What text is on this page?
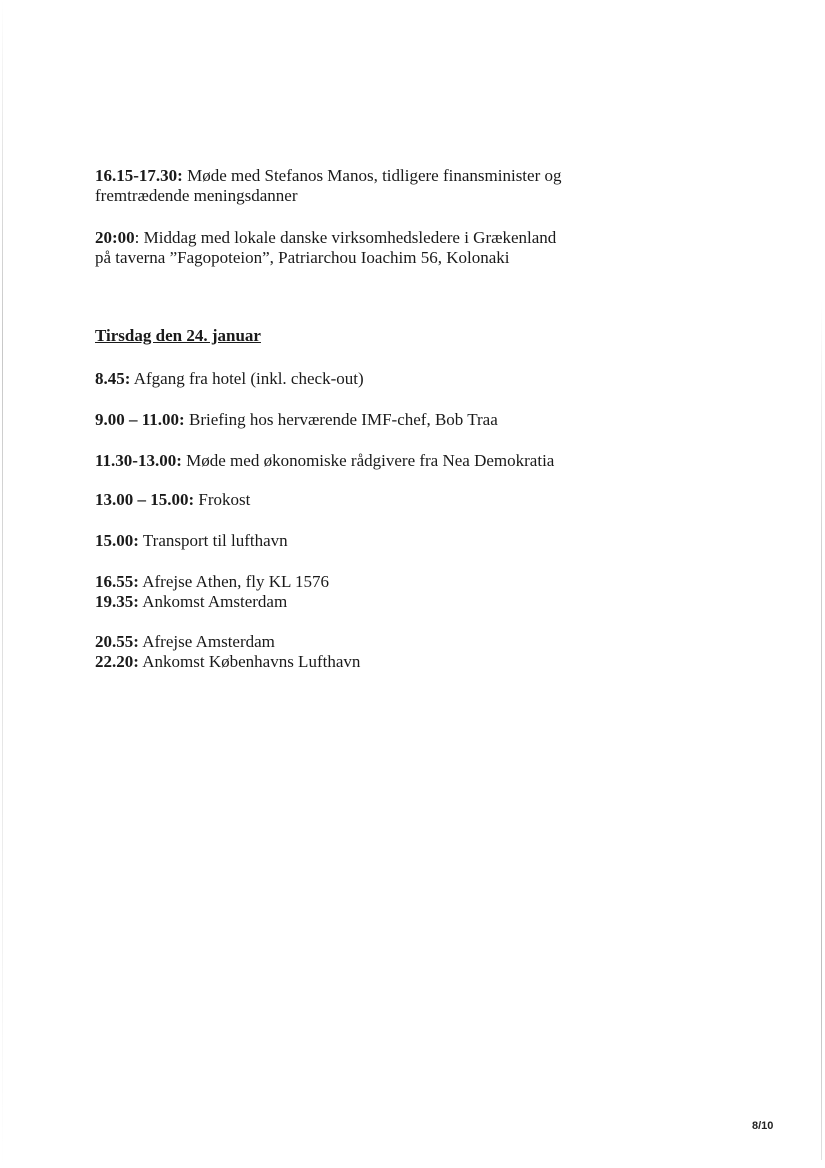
16.15-17.30: Møde med Stefanos Manos, tidligere finansminister og
fremtrædende meningsdanner

20:00: Middag med lokale danske virksomhedsledere i Grækenland
på taverna ”Fagopoteion”, Patriarchou Ioachim 56, Kolonaki

Tirsdag den 24. januar

8.45: Afgang fra hotel (inkl. check-out)

9.00 – 11.00: Briefing hos herværende IMF-chef, Bob Traa

11.30-13.00: Møde med økonomiske rådgivere fra Nea Demokratia

13.00 – 15.00: Frokost

15.00: Transport til lufthavn

16.55: Afrejse Athen, fly KL 1576
19.35: Ankomst Amsterdam

20.55: Afrejse Amsterdam
22.20: Ankomst Københavns Lufthavn

8/10
